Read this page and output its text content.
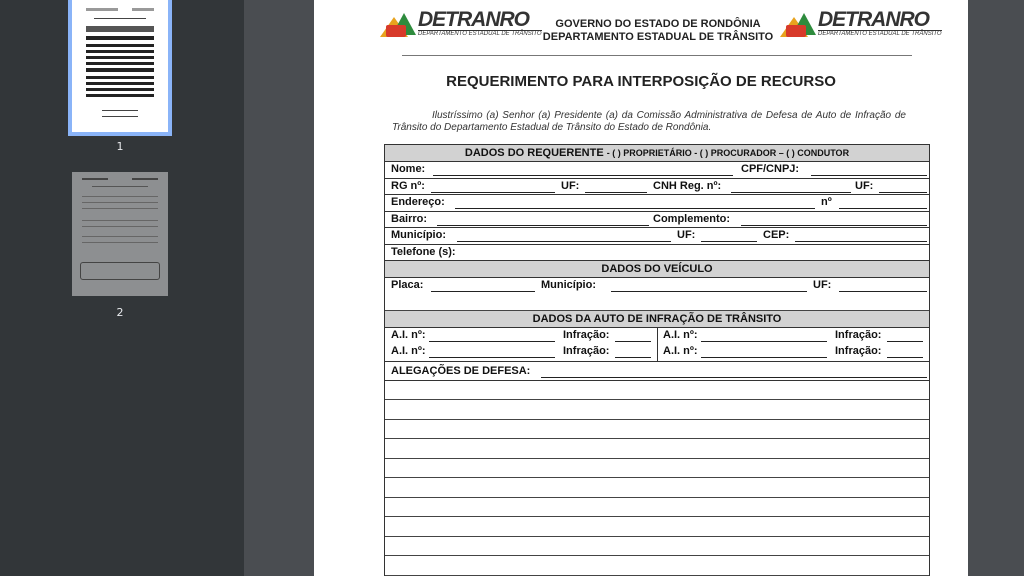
1
2
DETRANRO
DEPARTAMENTO ESTADUAL DE TRÂNSITO
GOVERNO DO ESTADO DE RONDÔNIA
DEPARTAMENTO ESTADUAL DE TRÂNSITO
DETRANRO
DEPARTAMENTO ESTADUAL DE TRÂNSITO
REQUERIMENTO PARA INTERPOSIÇÃO DE RECURSO
Ilustríssimo (a) Senhor (a) Presidente (a) da Comissão Administrativa de Defesa de Auto de Infração de Trânsito do Departamento Estadual de Trânsito do Estado de Rondônia.
DADOS DO REQUERENTE - ( ) PROPRIETÁRIO - ( ) PROCURADOR – ( ) CONDUTOR
Nome:	CPF/CNPJ:
RG nº:	UF:	CNH Reg. nº:	UF:
Endereço:	nº
Bairro:	Complemento:
Município:	UF:	CEP:
Telefone (s):
DADOS DO VEÍCULO
Placa:	Município:	UF:
DADOS DA AUTO DE INFRAÇÃO DE TRÂNSITO
A.I. nº:	Infração:	A.I. nº:	Infração:
A.I. nº:	Infração:	A.I. nº:	Infração:
ALEGAÇÕES DE DEFESA:
